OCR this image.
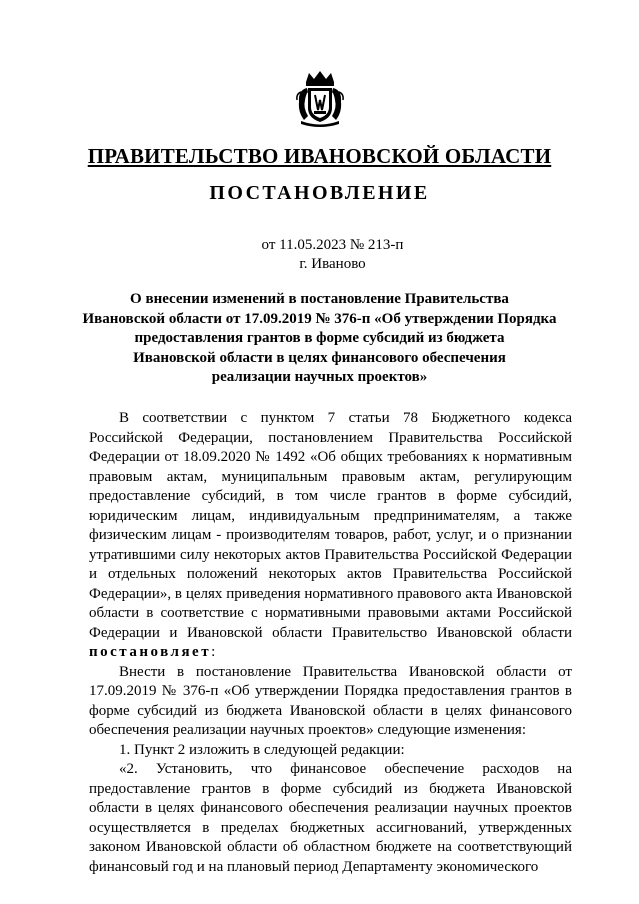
ПРАВИТЕЛЬСТВО ИВАНОВСКОЙ ОБЛАСТИ
ПОСТАНОВЛЕНИЕ
от 11.05.2023 № 213-п
г. Иваново
О внесении изменений в постановление Правительства
Ивановской области от 17.09.2019 № 376-п «Об утверждении Порядка
предоставления грантов в форме субсидий из бюджета
Ивановской области в целях финансового обеспечения
реализации научных проектов»

В соответствии с пунктом 7 статьи 78 Бюджетного кодекса Российской Федерации, постановлением Правительства Российской Федерации от 18.09.2020 № 1492 «Об общих требованиях к нормативным правовым актам, муниципальным правовым актам, регулирующим предоставление субсидий, в том числе грантов в форме субсидий, юридическим лицам, индивидуальным предпринимателям, а также физическим лицам - производителям товаров, работ, услуг, и о признании утратившими силу некоторых актов Правительства Российской Федерации и отдельных положений некоторых актов Правительства Российской Федерации», в целях приведения нормативного правового акта Ивановской области в соответствие с нормативными правовыми актами Российской Федерации и Ивановской области Правительство Ивановской области постановляет:

Внести в постановление Правительства Ивановской области от 17.09.2019 № 376-п «Об утверждении Порядка предоставления грантов в форме субсидий из бюджета Ивановской области в целях финансового обеспечения реализации научных проектов» следующие изменения:

1. Пункт 2 изложить в следующей редакции:

«2. Установить, что финансовое обеспечение расходов на предоставление грантов в форме субсидий из бюджета Ивановской области в целях финансового обеспечения реализации научных проектов осуществляется в пределах бюджетных ассигнований, утвержденных законом Ивановской области об областном бюджете на соответствующий финансовый год и на плановый период Департаменту экономического
